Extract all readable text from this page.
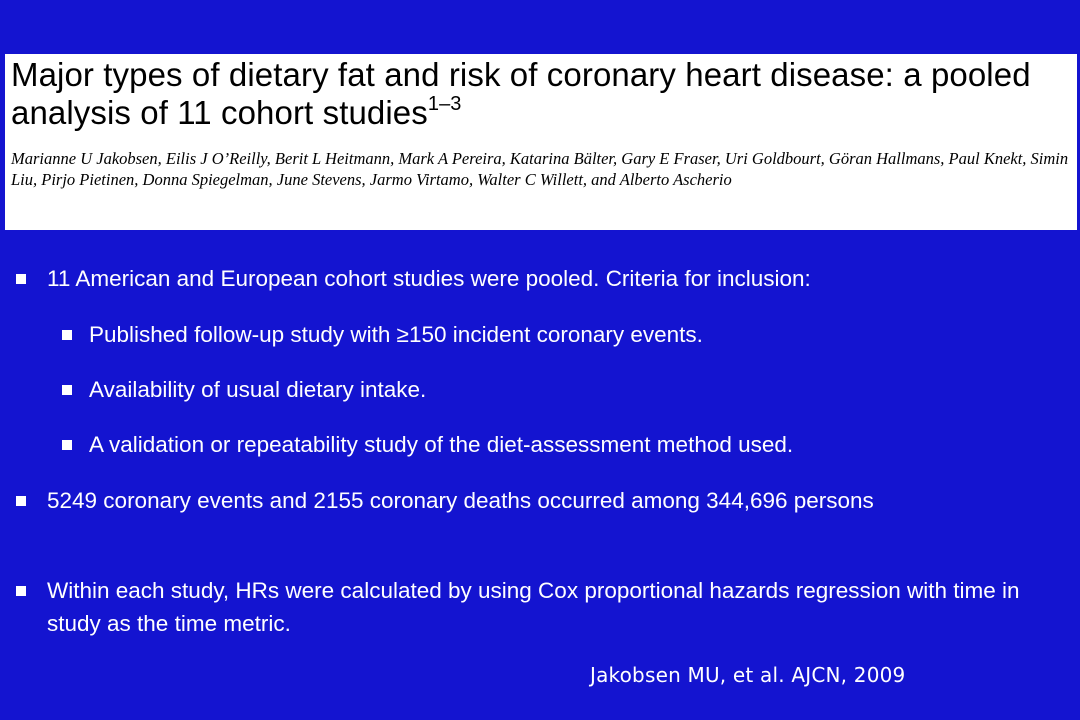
Major types of dietary fat and risk of coronary heart disease: a pooled analysis of 11 cohort studies$^{1-3}$
Marianne U Jakobsen, Eilis J O’Reilly, Berit L Heitmann, Mark A Pereira, Katarina Bälter, Gary E Fraser, Uri Goldbourt, Göran Hallmans, Paul Knekt, Simin Liu, Pirjo Pietinen, Donna Spiegelman, June Stevens, Jarmo Virtamo, Walter C Willett, and Alberto Ascherio
11 American and European cohort studies were pooled. Criteria for inclusion:
Published follow-up study with ≥150 incident coronary events.
Availability of usual dietary intake.
A validation or repeatability study of the diet-assessment method used.
5249 coronary events and 2155 coronary deaths occurred among 344,696 persons
Within each study, HRs were calculated by using Cox proportional hazards regression with time in study as the time metric.
Jakobsen MU, et al. AJCN, 2009
